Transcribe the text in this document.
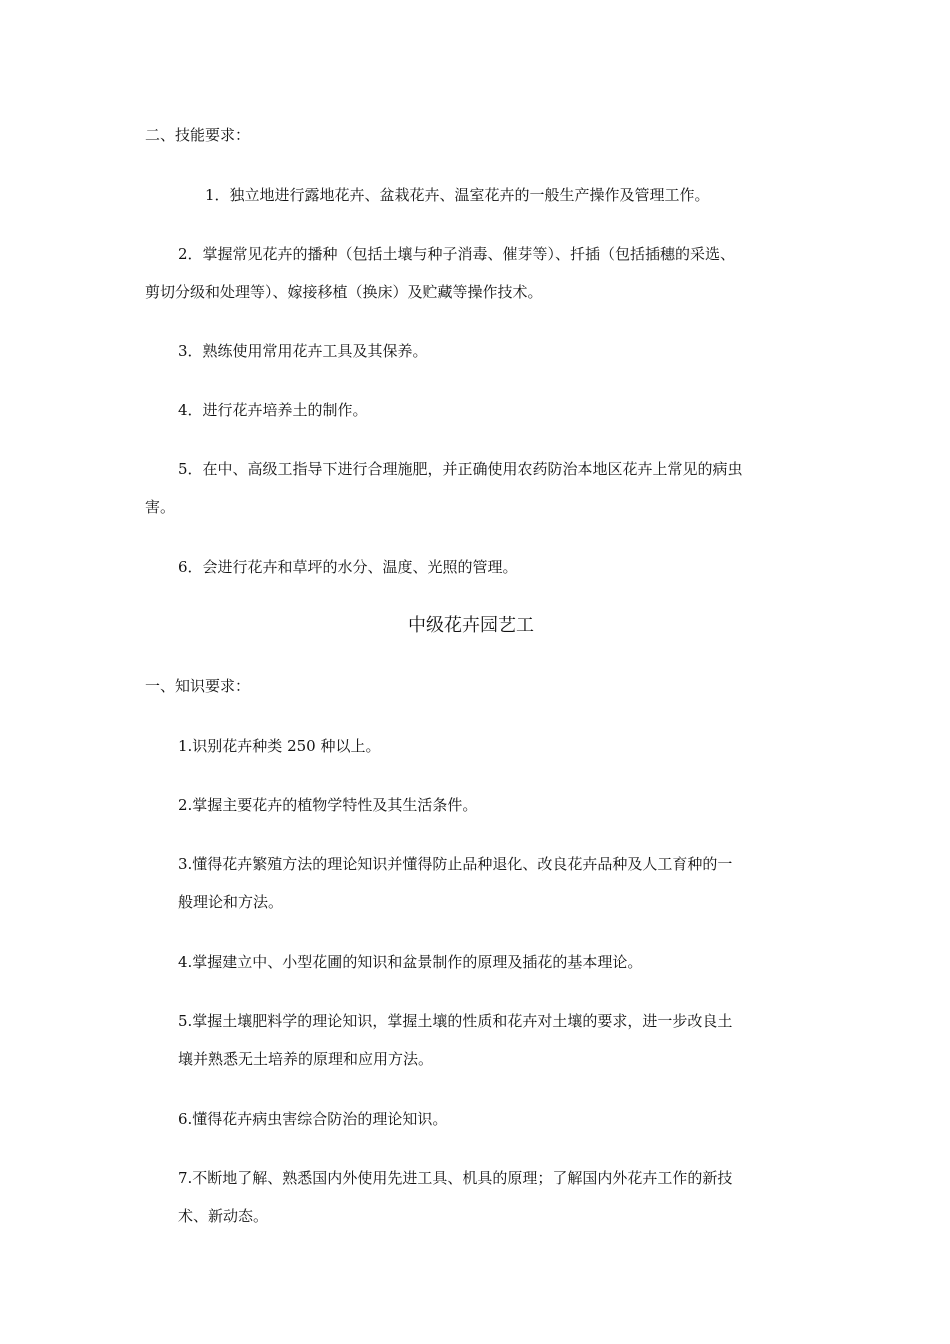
二、技能要求：

1．独立地进行露地花卉、盆栽花卉、温室花卉的一般生产操作及管理工作。

2．掌握常见花卉的播种（包括土壤与种子消毒、催芽等）、扦插（包括插穗的采选、

剪切分级和处理等）、嫁接移植（换床）及贮藏等操作技术。

3．熟练使用常用花卉工具及其保养。

4．进行花卉培养土的制作。

5．在中、高级工指导下进行合理施肥，并正确使用农药防治本地区花卉上常见的病虫

害。

6．会进行花卉和草坪的水分、温度、光照的管理。

中级花卉园艺工

一、知识要求：

1.识别花卉种类 250 种以上。

2.掌握主要花卉的植物学特性及其生活条件。

3.懂得花卉繁殖方法的理论知识并懂得防止品种退化、改良花卉品种及人工育种的一

般理论和方法。

4.掌握建立中、小型花圃的知识和盆景制作的原理及插花的基本理论。

5.掌握土壤肥料学的理论知识，掌握土壤的性质和花卉对土壤的要求，进一步改良土

壤并熟悉无土培养的原理和应用方法。

6.懂得花卉病虫害综合防治的理论知识。

7.不断地了解、熟悉国内外使用先进工具、机具的原理；了解国内外花卉工作的新技

术、新动态。
